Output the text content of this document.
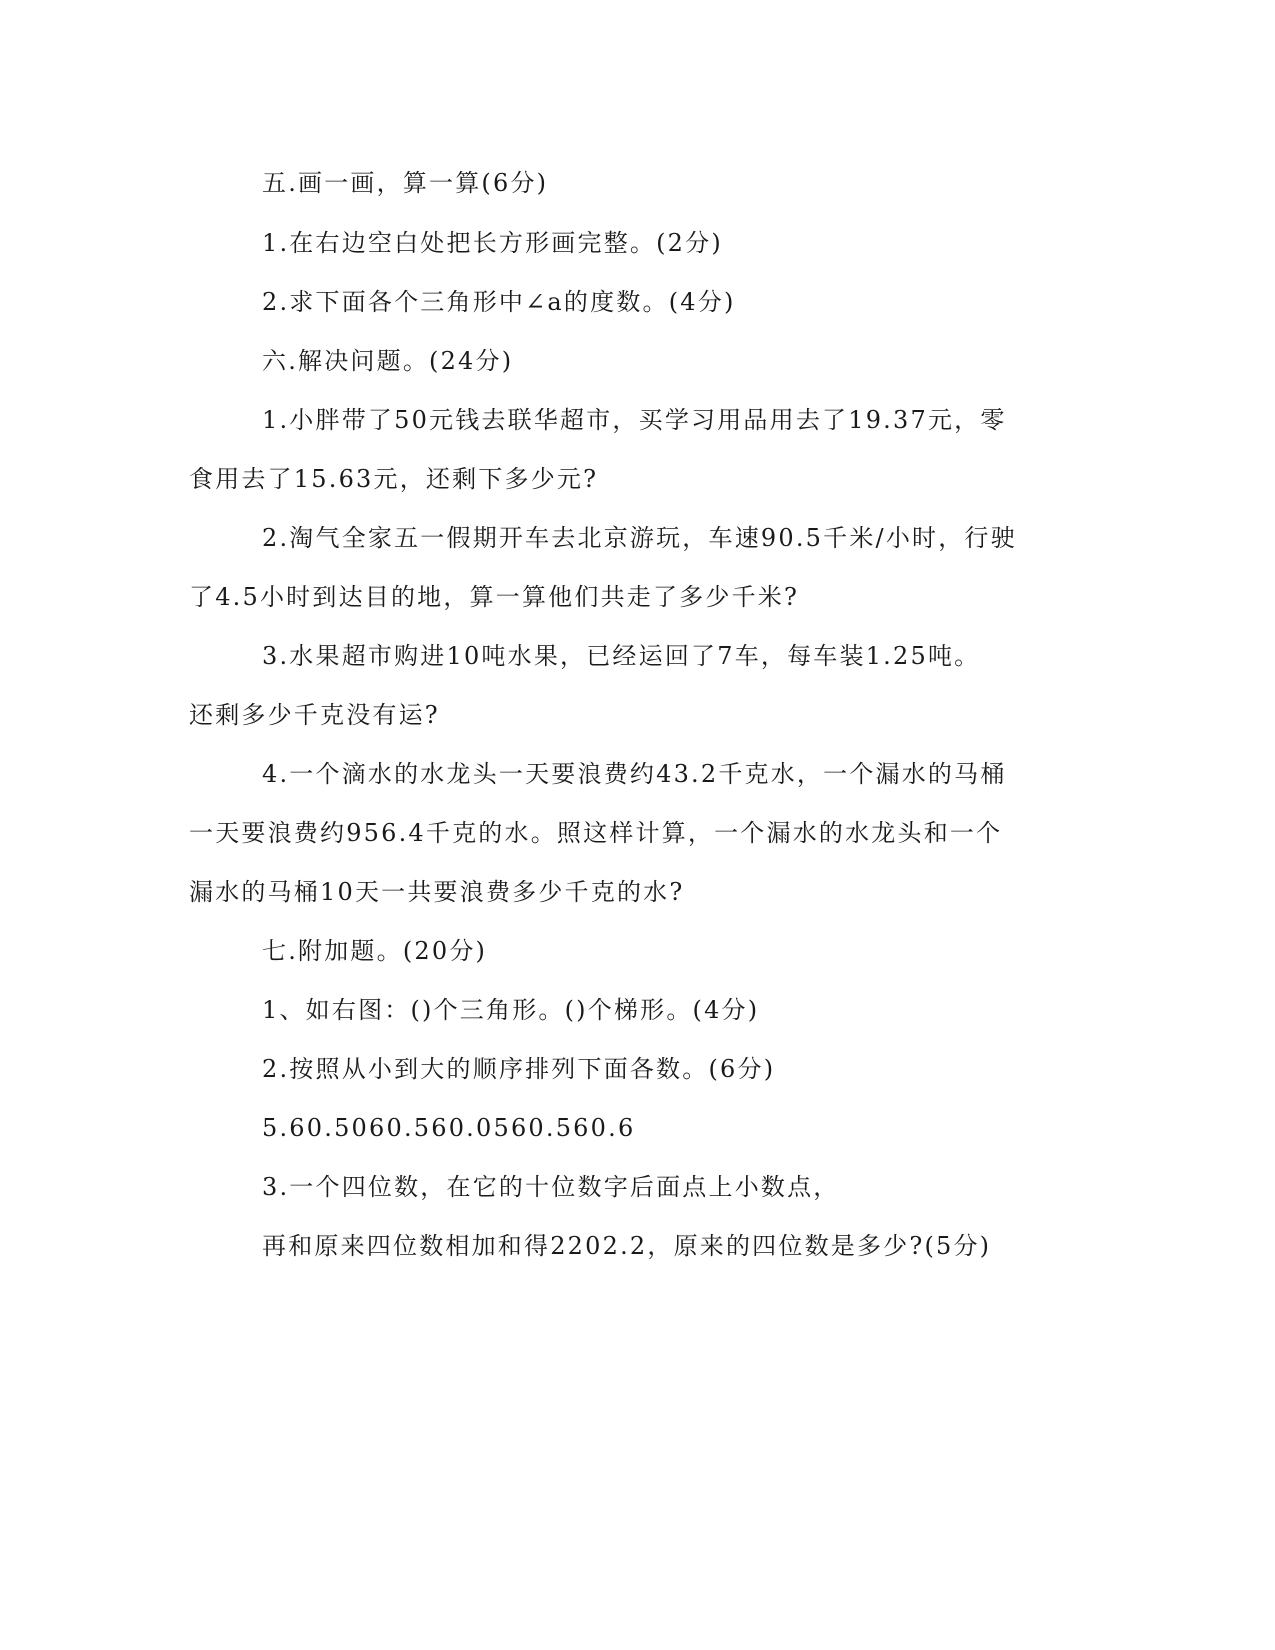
五.画一画，算一算(6分)
1.在右边空白处把长方形画完整。(2分)
2.求下面各个三角形中∠a的度数。(4分)
六.解决问题。(24分)
1.小胖带了50元钱去联华超市，买学习用品用去了19.37元，零
食用去了15.63元，还剩下多少元?
2.淘气全家五一假期开车去北京游玩，车速90.5千米/小时，行驶
了4.5小时到达目的地，算一算他们共走了多少千米?
3.水果超市购进10吨水果，已经运回了7车，每车装1.25吨。
还剩多少千克没有运?
4.一个滴水的水龙头一天要浪费约43.2千克水，一个漏水的马桶
一天要浪费约956.4千克的水。照这样计算，一个漏水的水龙头和一个
漏水的马桶10天一共要浪费多少千克的水?
七.附加题。(20分)
1、如右图：()个三角形。()个梯形。(4分)
2.按照从小到大的顺序排列下面各数。(6分)
5.60.5060.560.0560.560.6
3.一个四位数，在它的十位数字后面点上小数点，
再和原来四位数相加和得2202.2，原来的四位数是多少?(5分)
